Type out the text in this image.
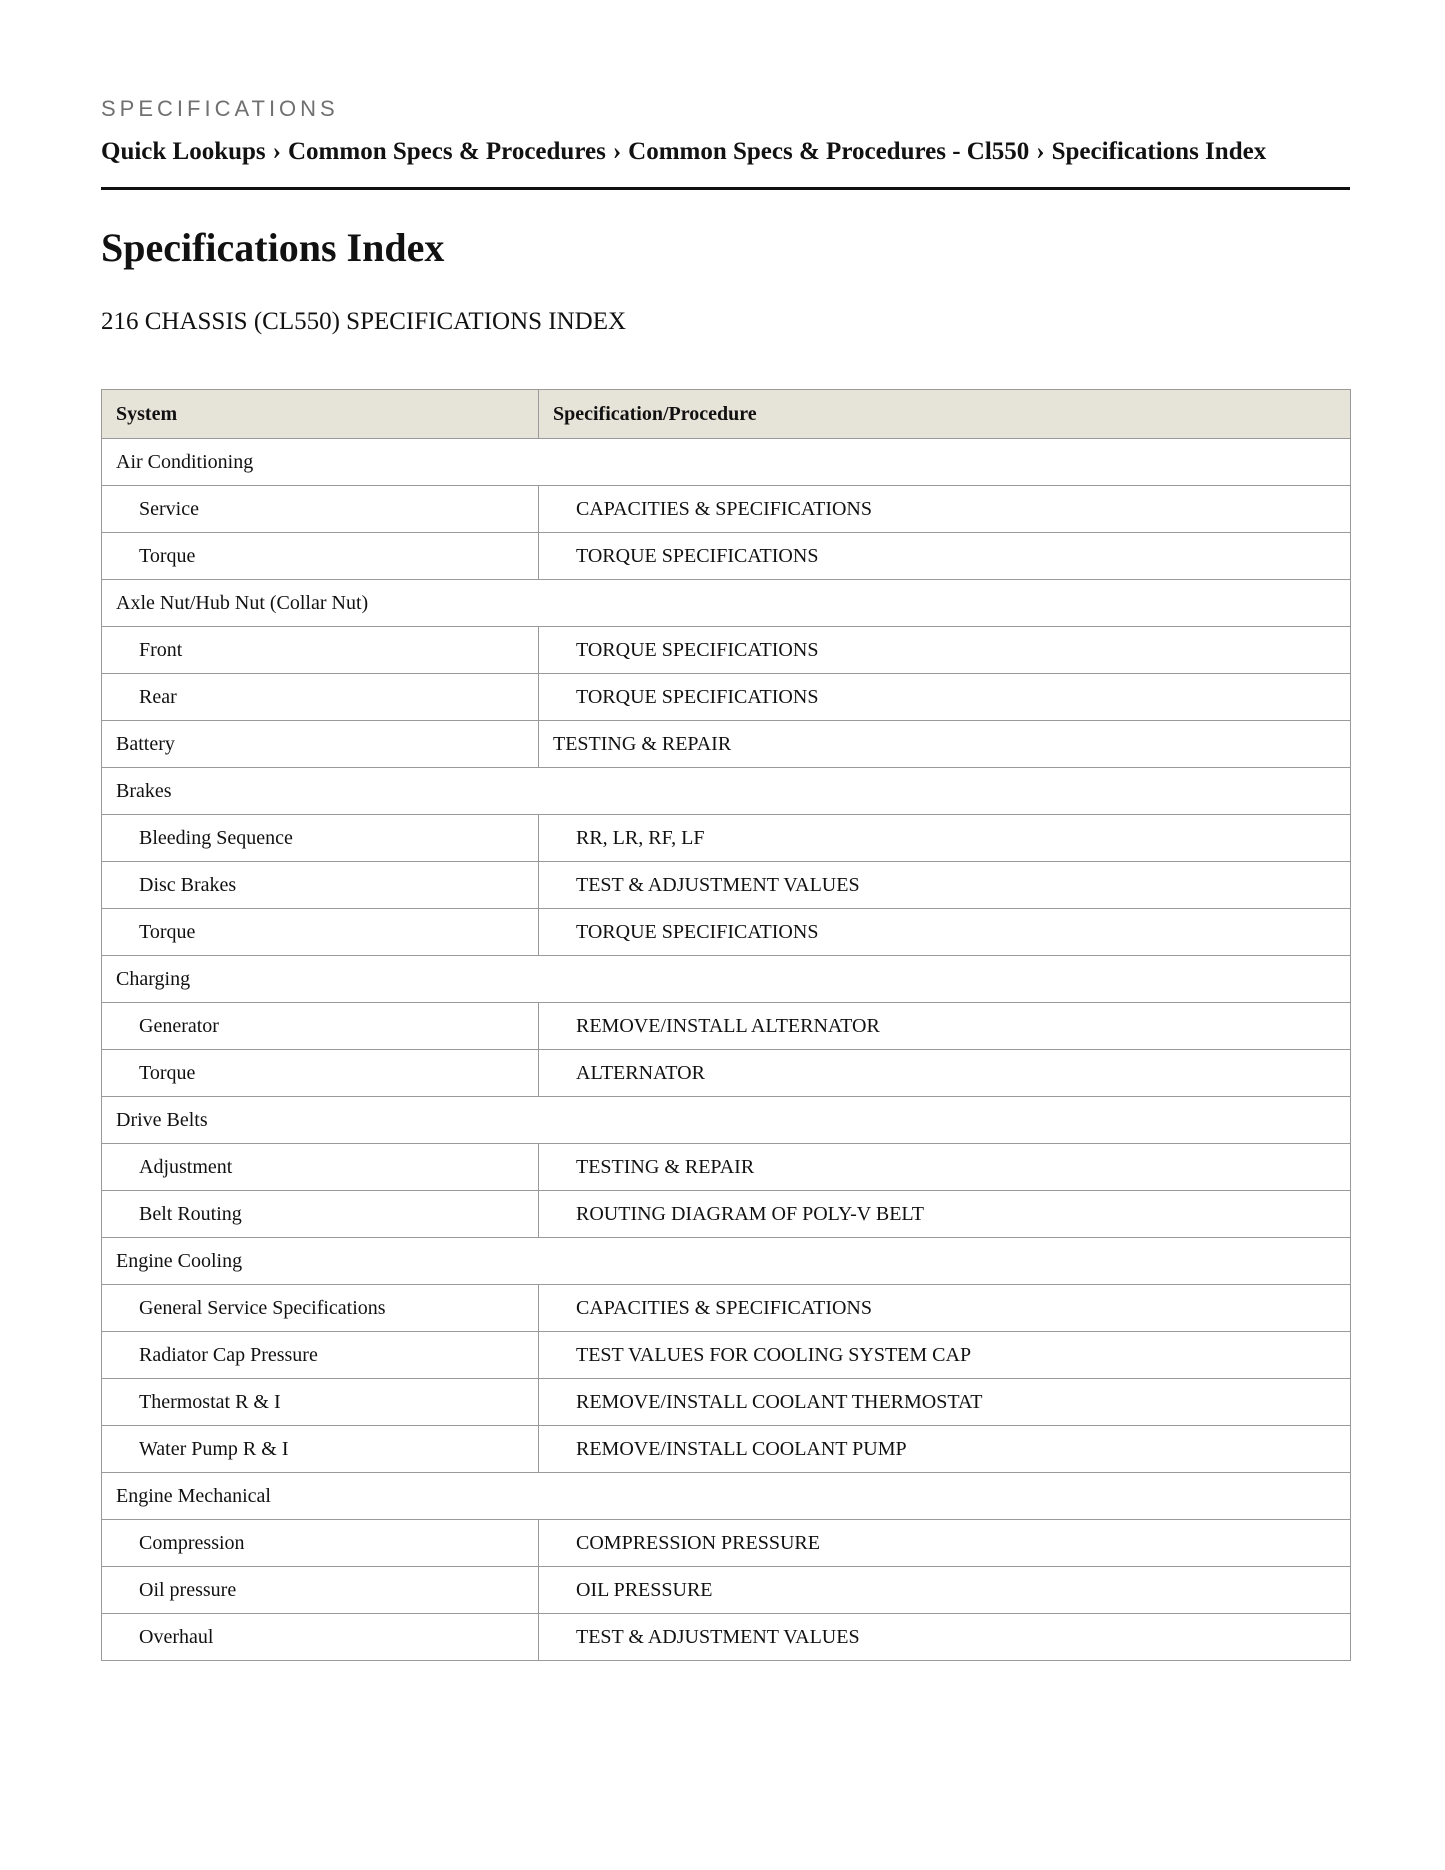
SPECIFICATIONS
Quick Lookups › Common Specs & Procedures › Common Specs & Procedures - Cl550 › Specifications Index
Specifications Index
216 CHASSIS (CL550) SPECIFICATIONS INDEX
System	Specification/Procedure
Air Conditioning	
Service	CAPACITIES & SPECIFICATIONS
Torque	TORQUE SPECIFICATIONS
Axle Nut/Hub Nut (Collar Nut)	
Front	TORQUE SPECIFICATIONS
Rear	TORQUE SPECIFICATIONS
Battery	TESTING & REPAIR
Brakes	
Bleeding Sequence	RR, LR, RF, LF
Disc Brakes	TEST & ADJUSTMENT VALUES
Torque	TORQUE SPECIFICATIONS
Charging	
Generator	REMOVE/INSTALL ALTERNATOR
Torque	ALTERNATOR
Drive Belts	
Adjustment	TESTING & REPAIR
Belt Routing	ROUTING DIAGRAM OF POLY-V BELT
Engine Cooling	
General Service Specifications	CAPACITIES & SPECIFICATIONS
Radiator Cap Pressure	TEST VALUES FOR COOLING SYSTEM CAP
Thermostat R & I	REMOVE/INSTALL COOLANT THERMOSTAT
Water Pump R & I	REMOVE/INSTALL COOLANT PUMP
Engine Mechanical	
Compression	COMPRESSION PRESSURE
Oil pressure	OIL PRESSURE
Overhaul	TEST & ADJUSTMENT VALUES
